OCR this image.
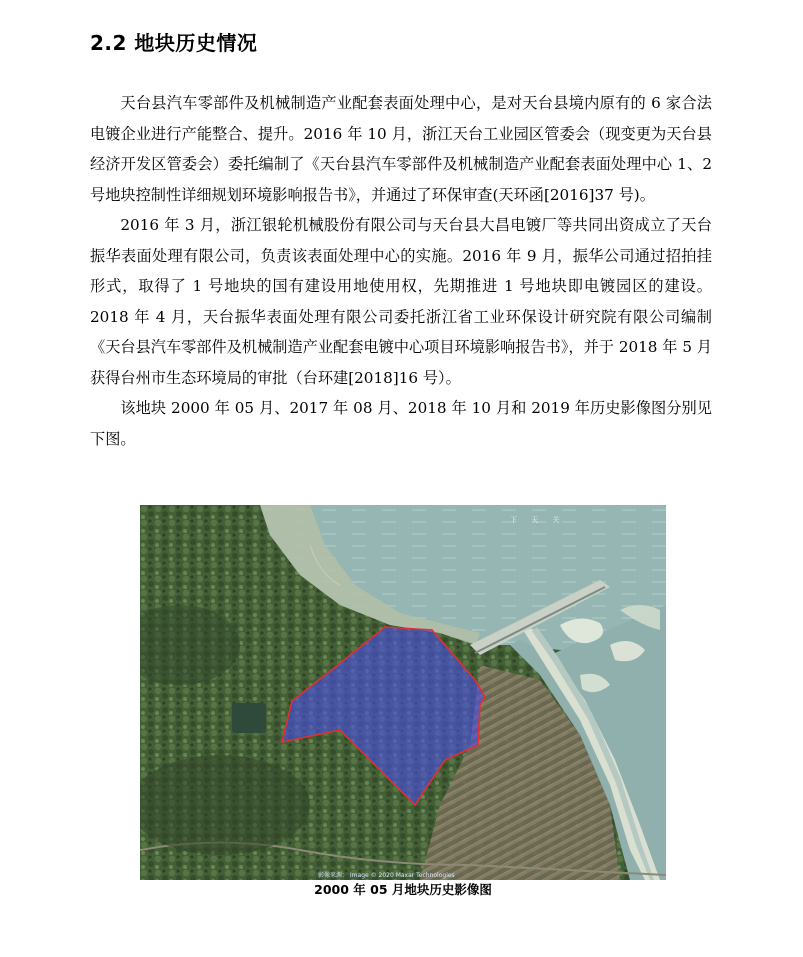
2.2 地块历史情况

天台县汽车零部件及机械制造产业配套表面处理中心，是对天台县境内原有的 6 家合法电镀企业进行产能整合、提升。2016 年 10 月，浙江天台工业园区管委会（现变更为天台县经济开发区管委会）委托编制了《天台县汽车零部件及机械制造产业配套表面处理中心 1、2 号地块控制性详细规划环境影响报告书》，并通过了环保审查(天环函[2016]37 号)。

2016 年 3 月，浙江银轮机械股份有限公司与天台县大昌电镀厂等共同出资成立了天台振华表面处理有限公司，负责该表面处理中心的实施。2016 年 9 月，振华公司通过招拍挂形式，取得了 1 号地块的国有建设用地使用权，先期推进 1 号地块即电镀园区的建设。2018 年 4 月，天台振华表面处理有限公司委托浙江省工业环保设计研究院有限公司编制《天台县汽车零部件及机械制造产业配套电镀中心项目环境影响报告书》，并于 2018 年 5 月获得台州市生态环境局的审批（台环建[2018]16 号）。

该地块 2000 年 05 月、2017 年 08 月、2018 年 10 月和 2019 年历史影像图分别见下图。

下 天 关
影像来源： Image © 2020 Maxar Technologies
2000 年 05 月地块历史影像图
